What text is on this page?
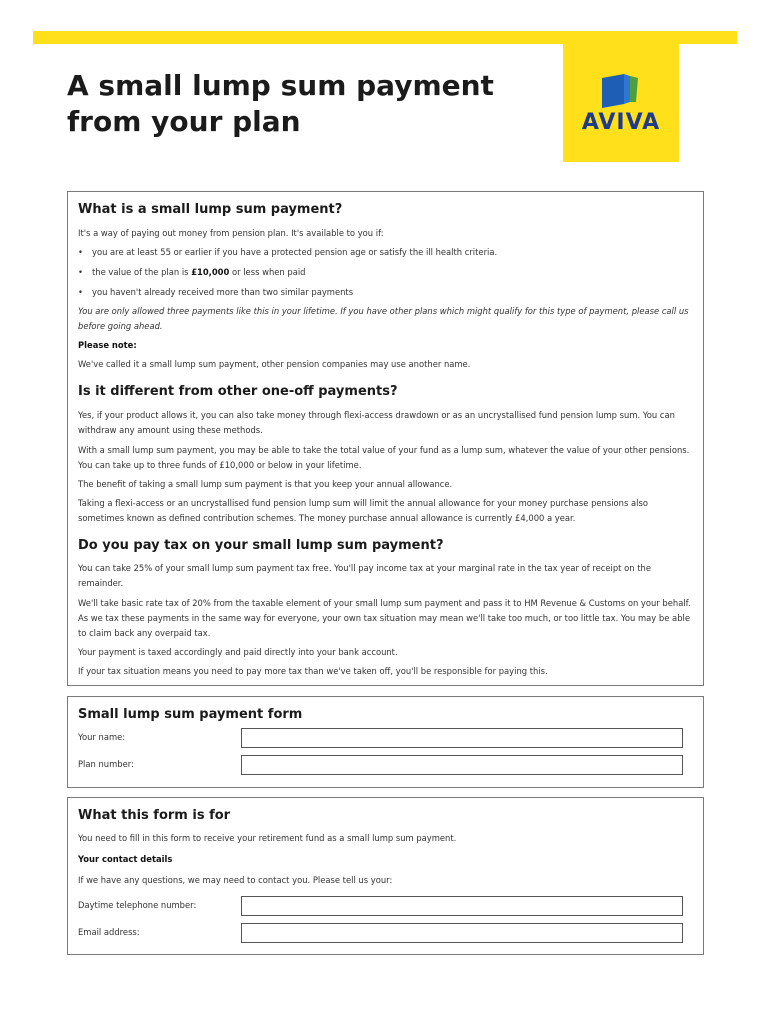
AVIVA
A small lump sum payment
from your plan
What is a small lump sum payment?

It's a way of paying out money from pension plan. It's available to you if:

• you are at least 55 or earlier if you have a protected pension age or satisfy the ill health criteria.
• the value of the plan is £10,000 or less when paid
• you haven't already received more than two similar payments

You are only allowed three payments like this in your lifetime. If you have other plans which might qualify for this type of payment, please call us before going ahead.

Please note:

We've called it a small lump sum payment, other pension companies may use another name.

Is it different from other one-off payments?

Yes, if your product allows it, you can also take money through flexi-access drawdown or as an uncrystallised fund pension lump sum. You can withdraw any amount using these methods.

With a small lump sum payment, you may be able to take the total value of your fund as a lump sum, whatever the value of your other pensions. You can take up to three funds of £10,000 or below in your lifetime.

The benefit of taking a small lump sum payment is that you keep your annual allowance.

Taking a flexi-access or an uncrystallised fund pension lump sum will limit the annual allowance for your money purchase pensions also sometimes known as defined contribution schemes. The money purchase annual allowance is currently £4,000 a year.

Do you pay tax on your small lump sum payment?

You can take 25% of your small lump sum payment tax free. You'll pay income tax at your marginal rate in the tax year of receipt on the remainder.

We'll take basic rate tax of 20% from the taxable element of your small lump sum payment and pass it to HM Revenue & Customs on your behalf. As we tax these payments in the same way for everyone, your own tax situation may mean we'll take too much, or too little tax. You may be able to claim back any overpaid tax.

Your payment is taxed accordingly and paid directly into your bank account.

If your tax situation means you need to pay more tax than we've taken off, you'll be responsible for paying this.

Small lump sum payment form
Your name:
Plan number:
What this form is for

You need to fill in this form to receive your retirement fund as a small lump sum payment.

Your contact details

If we have any questions, we may need to contact you. Please tell us your:

Daytime telephone number:
Email address:
